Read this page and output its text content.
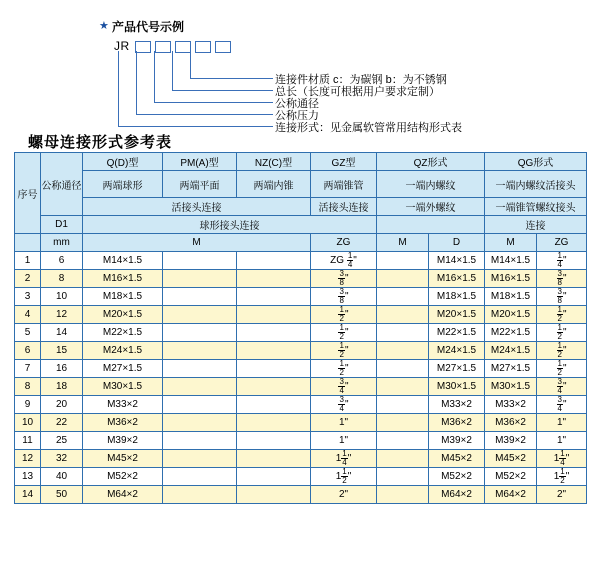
★ 产品代号示例
JR
连接件材质 c：为碳钢 b：为不锈钢
总长（长度可根据用户要求定制）
公称通径
公称压力
连接形式：见金属软管常用结构形式表
螺母连接形式参考表
序号	公称通径	Q(D)型	PM(A)型	NZ(C)型	GZ型	QZ形式		QG形式	
		两端球形	两端平面	两端内锥	两端锥管	一端内螺纹		一端内螺纹活接头	
		活接头连接			活接头连接	一端外螺纹		一端锥管螺纹接头	
	D1	球形接头连接						连接	
	mm	M			ZG	M	D	M	ZG
1	6	M14×1.5			ZG $\frac{1}{4}$ "		M14×1.5	M14×1.5	$\frac{1}{4}$ "
2	8	M16×1.5			$\frac{3}{8}$ "		M16×1.5	M16×1.5	$\frac{3}{8}$ "
3	10	M18×1.5			$\frac{3}{8}$ "		M18×1.5	M18×1.5	$\frac{3}{8}$ "
4	12	M20×1.5			$\frac{1}{2}$ "		M20×1.5	M20×1.5	$\frac{1}{2}$ "
5	14	M22×1.5			$\frac{1}{2}$ "		M22×1.5	M22×1.5	$\frac{1}{2}$ "
6	15	M24×1.5			$\frac{1}{2}$ "		M24×1.5	M24×1.5	$\frac{1}{2}$ "
7	16	M27×1.5			$\frac{1}{2}$ "		M27×1.5	M27×1.5	$\frac{1}{2}$ "
8	18	M30×1.5			$\frac{3}{4}$ "		M30×1.5	M30×1.5	$\frac{3}{4}$ "
9	20	M33×2			$\frac{3}{4}$ "		M33×2	M33×2	$\frac{3}{4}$ "
10	22	M36×2			1"		M36×2	M36×2	1"
11	25	M39×2			1"		M39×2	M39×2	1"
12	32	M45×2			$1 \frac{1}{4}$ "		M45×2	M45×2	$1 \frac{1}{4}$ "
13	40	M52×2			$1 \frac{1}{2}$ "		M52×2	M52×2	$1 \frac{1}{2}$ "
14	50	M64×2			2"		M64×2	M64×2	2"
